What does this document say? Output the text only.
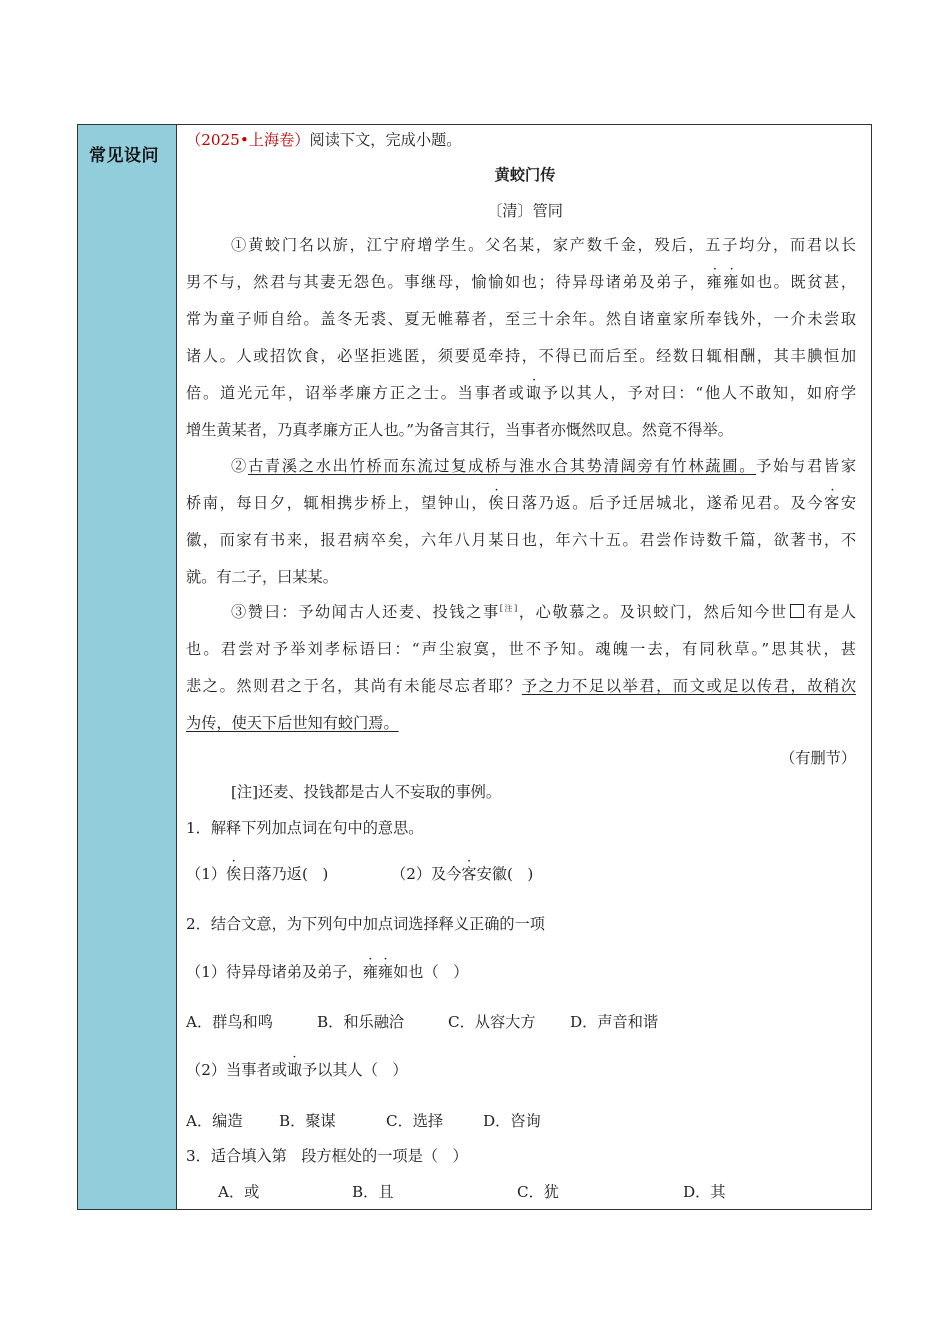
常见设问
（2025•上海卷）阅读下文，完成小题。
黄蛟门传
〔清〕管同
①黄蛟门名以旂，江宁府增学生。父名某，家产数千金，殁后，五子均分，而君以长
男不与，然君与其妻无怨色。事继母，愉愉如也；待异母诸弟及弟子，雍雍如也。既贫甚，
常为童子师自给。盖冬无裘、夏无帷幕者，至三十余年。然自诸童家所奉钱外，一介未尝取
诸人。人或招饮食，必坚拒逃匿，须要觅牵持，不得已而后至。经数日辄相酬，其丰腆恒加
倍。道光元年，诏举孝廉方正之士。当事者或诹予以其人，予对曰：“他人不敢知，如府学
增生黄某者，乃真孝廉方正人也。”为备言其行，当事者亦慨然叹息。然竟不得举。
②古青溪之水出竹桥而东流过复成桥与淮水合其势清阔旁有竹林蔬圃。予始与君皆家
桥南，每日夕，辄相携步桥上，望钟山，俟日落乃返。后予迁居城北，遂希见君。及今客安
徽，而家有书来，报君病卒矣，六年八月某日也，年六十五。君尝作诗数千篇，欲著书，不
就。有二子，曰某某。
③赞曰：予幼闻古人还麦、投钱之事[注]，心敬慕之。及识蛟门，然后知今世 有是人
也。君尝对予举刘孝标语曰：“声尘寂寞，世不予知。魂魄一去，有同秋草。”思其状，甚
悲之。然则君之于名，其尚有未能尽忘者耶？予之力不足以举君，而文或足以传君，故稍次
为传，使天下后世知有蛟门焉。
（有删节）
[注]还麦、投钱都是古人不妄取的事例。
1．解释下列加点词在句中的意思。
（1）俟日落乃返(   )	（2）及今客安徽(   )
2．结合文意，为下列句中加点词选择释义正确的一项
（1）待异母诸弟及弟子，雍雍如也（   ）
A．群鸟和鸣	B．和乐融洽	C．从容大方 D．声音和谐
（2）当事者或诹予以其人（   ）
A．编造 B．聚谋	C．选择	D．咨询
3．适合填入第   段方框处的一项是（   ）
A．或	B．且	C．犹	D．其
